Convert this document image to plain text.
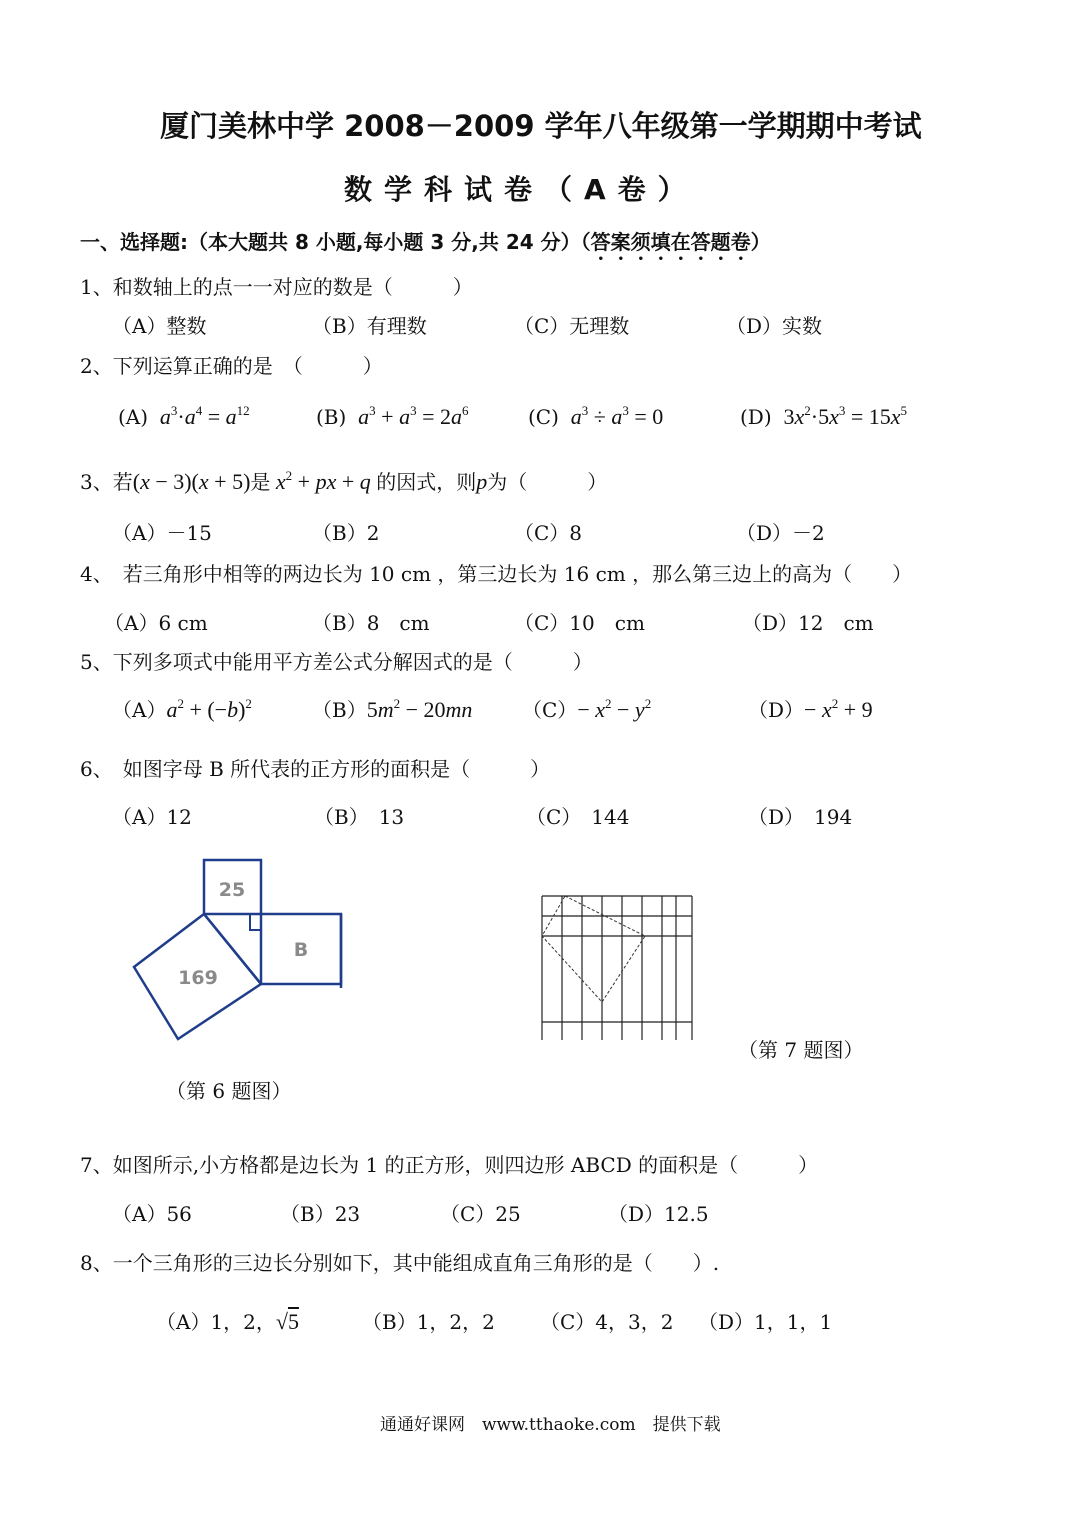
厦门美林中学 2008－2009 学年八年级第一学期期中考试
数学科试卷（A卷）
一、选择题:（本大题共 8 小题,每小题 3 分,共 24 分）（答案须填在答题卷）
1、和数轴上的点一一对应的数是（　　　）
（A）整数	（B）有理数	（C）无理数	（D）实数
2、下列运算正确的是　（　　　）
(A)  $a^3\cdot a^4 = a^{12}$	(B)  $a^3 + a^3 = 2a^6$	(C)  $a^3 \div a^3 = 0$	(D) $3x^2\cdot 5x^3 = 15x^5$
3、若(x − 3)(x + 5)是 $x^2$ + px + q 的因式，则p为（　　　）
（A）－15	（B）2	（C）8	（D）－2
4、　若三角形中相等的两边长为 10 cm ，第三边长为 16 cm ，那么第三边上的高为（　　）
（A）6 cm	（B）8　cm	（C）10　cm	（D）12　cm
5、下列多项式中能用平方差公式分解因式的是（　　　）
$(A)a^2 + (-b)^2$	$(B)5m^2 - 20mn$ $(C)- x^2 - y^2$	$(D)- x^2 + 9$
6、　如图字母 B 所代表的正方形的面积是（　　　）
（A）12	（B）　13	（C）　144	（D）　194
25
B
169
（第 6 题图）
（第 7 题图）
7、如图所示,小方格都是边长为 1 的正方形，则四边形 ABCD 的面积是（　　　）
（A）56	（B）23	（C）25	（D）12.5
8、一个三角形的三边长分别如下，其中能组成直角三角形的是（　　）.
（A）1，2，√5	（B）1，2，2 （C）4，3，2 （D）1，1，1
通通好课网　www.tthaoke.com　提供下载
